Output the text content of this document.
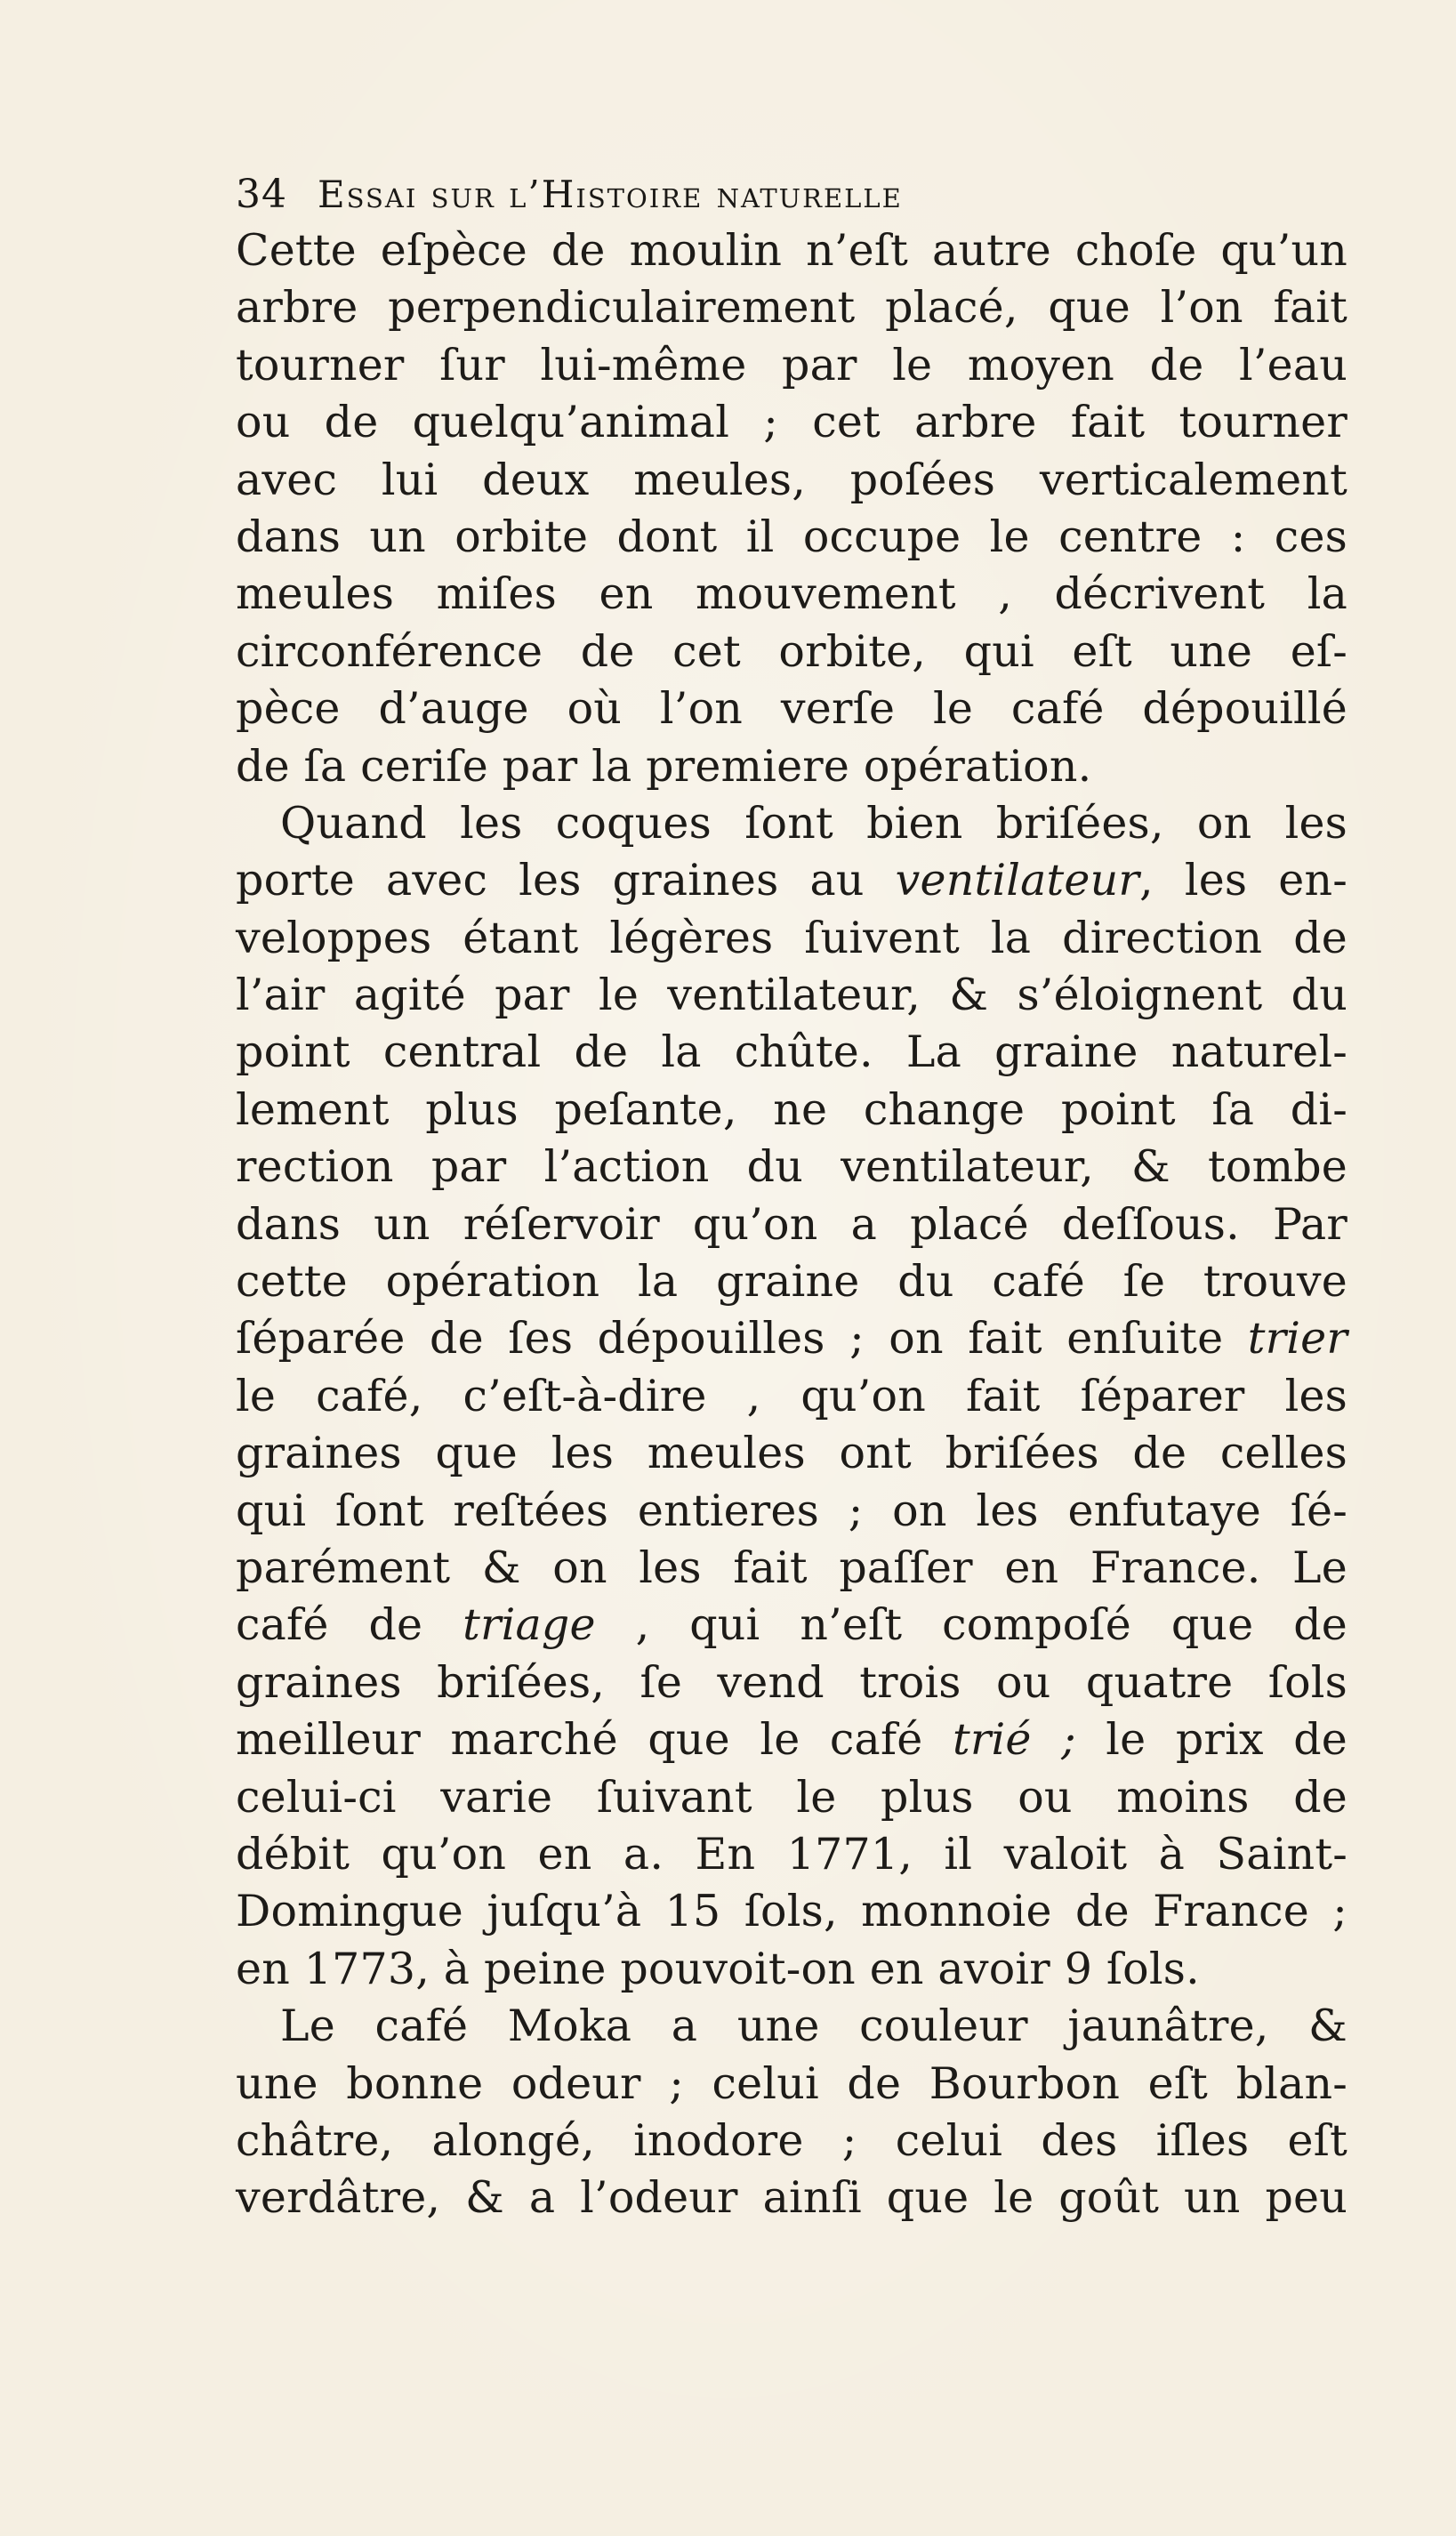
34 Essai sur l’Histoire naturelle
Cette eſpèce de moulin n’eſt autre choſe qu’un
arbre perpendiculairement placé, que l’on fait
tourner ſur lui-même par le moyen de l’eau
ou de quelqu’animal ; cet arbre fait tourner
avec lui deux meules, poſées verticalement
dans un orbite dont il occupe le centre : ces
meules miſes en mouvement , décrivent la
circonférence de cet orbite, qui eſt une eſ-
pèce d’auge où l’on verſe le café dépouillé
de ſa ceriſe par la premiere opération.
Quand les coques ſont bien briſées, on les
porte avec les graines au ventilateur, les en-
veloppes étant légères ſuivent la direction de
l’air agité par le ventilateur, & s’éloignent du
point central de la chûte. La graine naturel-
lement plus peſante, ne change point ſa di-
rection par l’action du ventilateur, & tombe
dans un réſervoir qu’on a placé deſſous. Par
cette opération la graine du café ſe trouve
ſéparée de ſes dépouilles ; on fait enſuite trier
le café, c’eſt-à-dire , qu’on fait ſéparer les
graines que les meules ont briſées de celles
qui ſont reſtées entieres ; on les enfutaye ſé-
parément & on les fait paſſer en France. Le
café de triage , qui n’eſt compoſé que de
graines briſées, ſe vend trois ou quatre ſols
meilleur marché que le café trié ; le prix de
celui-ci varie ſuivant le plus ou moins de
débit qu’on en a. En 1771, il valoit à Saint-
Domingue juſqu’à 15 ſols, monnoie de France ;
en 1773, à peine pouvoit-on en avoir 9 ſols.
Le café Moka a une couleur jaunâtre, &
une bonne odeur ; celui de Bourbon eſt blan-
châtre, alongé, inodore ; celui des iſles eſt
verdâtre, & a l’odeur ainſi que le goût un peu
